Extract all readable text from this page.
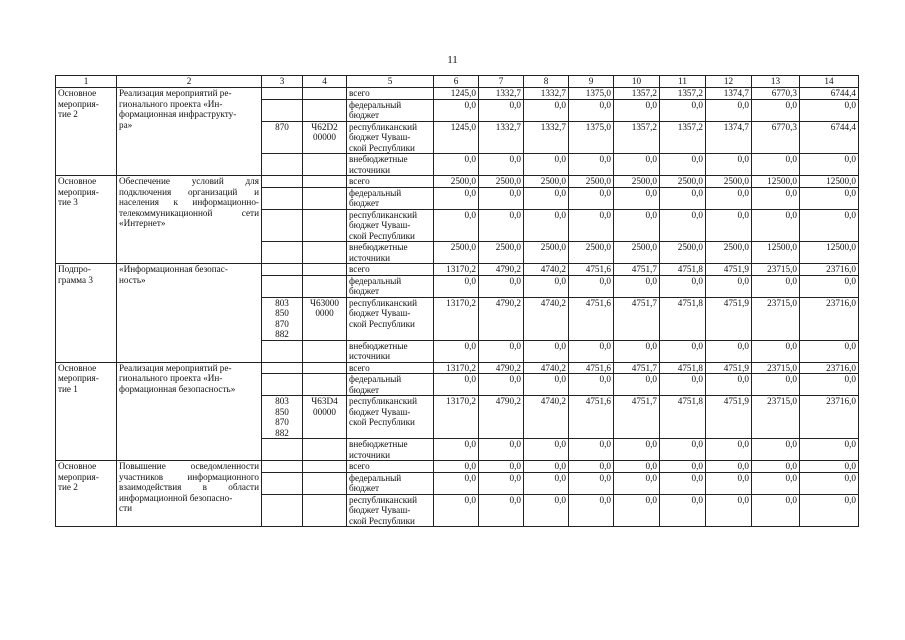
11
1	2	3	4	5	6	7	8	9	10	11	12	13	14
Основное
мероприя-
тие 2	Реализация мероприятий ре-
гионального проекта «Ин-
формационная инфраструкту-
ра»			всего	1245,0	1332,7	1332,7	1375,0	1357,2	1357,2	1374,7	6770,3	6744,4
				федеральный
бюджет	0,0	0,0	0,0	0,0	0,0	0,0	0,0	0,0	0,0
		870	Ч62D2
00000	республиканский
бюджет Чуваш-
ской Республики	1245,0	1332,7	1332,7	1375,0	1357,2	1357,2	1374,7	6770,3	6744,4
				внебюджетные
источники	0,0	0,0	0,0	0,0	0,0	0,0	0,0	0,0	0,0
Основное
мероприя-
тие 3	Обеспечение условий для подключения организаций и населения к информационно-телекоммуникационной сети «Интернет»			всего	2500,0	2500,0	2500,0	2500,0	2500,0	2500,0	2500,0	12500,0	12500,0
				федеральный
бюджет	0,0	0,0	0,0	0,0	0,0	0,0	0,0	0,0	0,0
				республиканский
бюджет Чуваш-
ской Республики	0,0	0,0	0,0	0,0	0,0	0,0	0,0	0,0	0,0
				внебюджетные
источники	2500,0	2500,0	2500,0	2500,0	2500,0	2500,0	2500,0	12500,0	12500,0
Подпро-
грамма 3	«Информационная безопас-
ность»			всего	13170,2	4790,2	4740,2	4751,6	4751,7	4751,8	4751,9	23715,0	23716,0
				федеральный
бюджет	0,0	0,0	0,0	0,0	0,0	0,0	0,0	0,0	0,0
		803
850
870
882	Ч63000
0000	республиканский
бюджет Чуваш-
ской Республики	13170,2	4790,2	4740,2	4751,6	4751,7	4751,8	4751,9	23715,0	23716,0
				внебюджетные
источники	0,0	0,0	0,0	0,0	0,0	0,0	0,0	0,0	0,0
Основное
мероприя-
тие 1	Реализация мероприятий ре-
гионального проекта «Ин-
формационная безопасность»			всего	13170,2	4790,2	4740,2	4751,6	4751,7	4751,8	4751,9	23715,0	23716,0
				федеральный
бюджет	0,0	0,0	0,0	0,0	0,0	0,0	0,0	0,0	0,0
		803
850
870
882	Ч63D4
00000	республиканский
бюджет Чуваш-
ской Республики	13170,2	4790,2	4740,2	4751,6	4751,7	4751,8	4751,9	23715,0	23716,0
				внебюджетные
источники	0,0	0,0	0,0	0,0	0,0	0,0	0,0	0,0	0,0
Основное
мероприя-
тие 2	Повышение осведомленности участников информационного взаимодействия в области информационной безопасно-
сти			всего	0,0	0,0	0,0	0,0	0,0	0,0	0,0	0,0	0,0
				федеральный
бюджет	0,0	0,0	0,0	0,0	0,0	0,0	0,0	0,0	0,0
				республиканский
бюджет Чуваш-
ской Республики	0,0	0,0	0,0	0,0	0,0	0,0	0,0	0,0	0,0
